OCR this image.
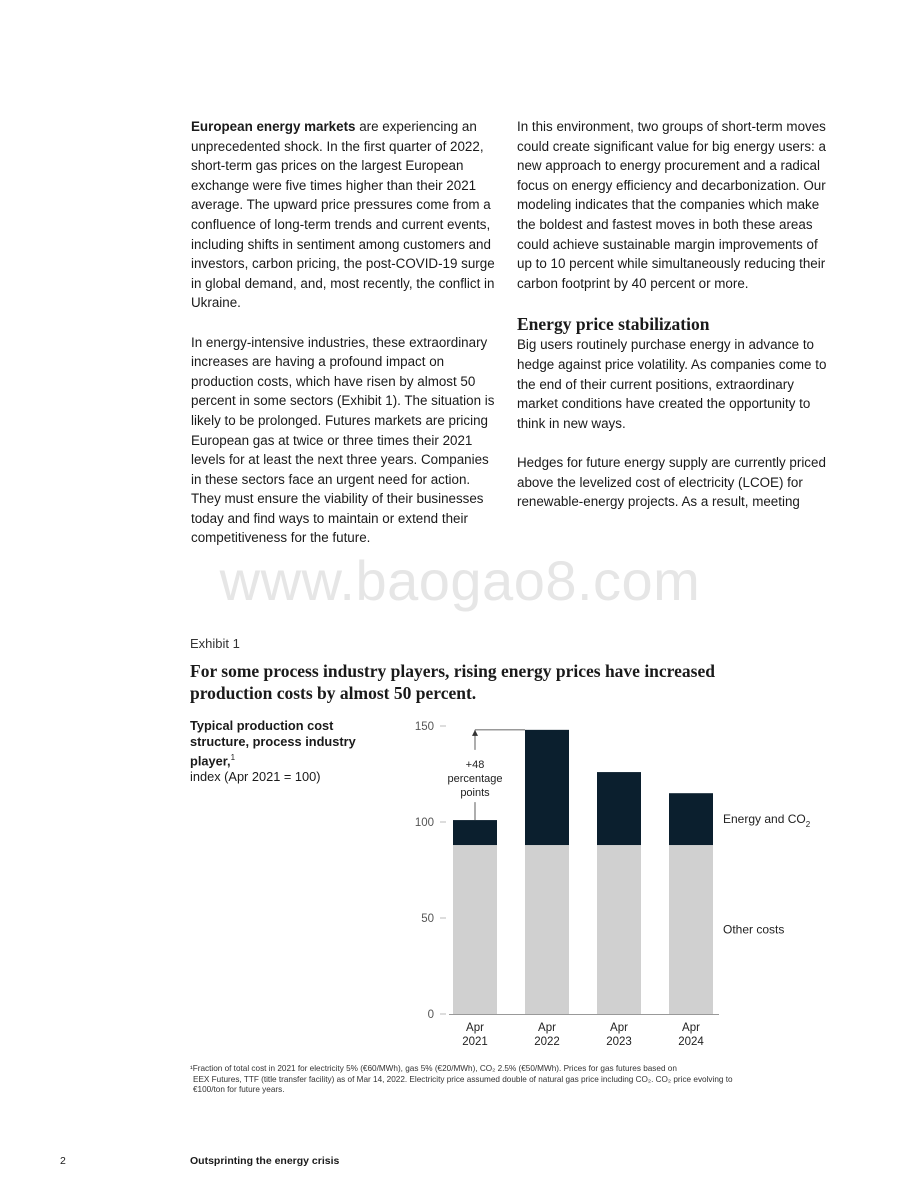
European energy markets are experiencing an unprecedented shock. In the first quarter of 2022, short-term gas prices on the largest European exchange were five times higher than their 2021 average. The upward price pressures come from a confluence of long-term trends and current events, including shifts in sentiment among customers and investors, carbon pricing, the post-COVID-19 surge in global demand, and, most recently, the conflict in Ukraine.

In energy-intensive industries, these extraordinary increases are having a profound impact on production costs, which have risen by almost 50 percent in some sectors (Exhibit 1). The situation is likely to be prolonged. Futures markets are pricing European gas at twice or three times their 2021 levels for at least the next three years. Companies in these sectors face an urgent need for action. They must ensure the viability of their businesses today and find ways to maintain or extend their competitiveness for the future.

In this environment, two groups of short-term moves could create significant value for big energy users: a new approach to energy procurement and a radical focus on energy efficiency and decarbonization. Our modeling indicates that the companies which make the boldest and fastest moves in both these areas could achieve sustainable margin improvements of up to 10 percent while simultaneously reducing their carbon footprint by 40 percent or more.

Energy price stabilization

Big users routinely purchase energy in advance to hedge against price volatility. As companies come to the end of their current positions, extraordinary market conditions have created the opportunity to think in new ways.

Hedges for future energy supply are currently priced above the levelized cost of electricity (LCOE) for renewable-energy projects. As a result, meeting

www.baogao8.com
Exhibit 1
For some process industry players, rising energy prices have increased production costs by almost 50 percent.
Typical production cost structure, process industry player,$^1$
index (Apr 2021 = 100)
0
50
100
150
Apr
2021
Apr
2022
Apr
2023
Apr
2024
+48
percentage
points
Other costs
Energy and $CO_2$
¹Fraction of total cost in 2021 for electricity 5% (€60/MWh), gas 5% (€20/MWh), CO₂ 2.5% (€50/MWh). Prices for gas futures based on
EEX Futures, TTF (title transfer facility) as of Mar 14, 2022. Electricity price assumed double of natural gas price including CO₂. CO₂ price evolving to
€100/ton for future years.
2	Outsprinting the energy crisis
